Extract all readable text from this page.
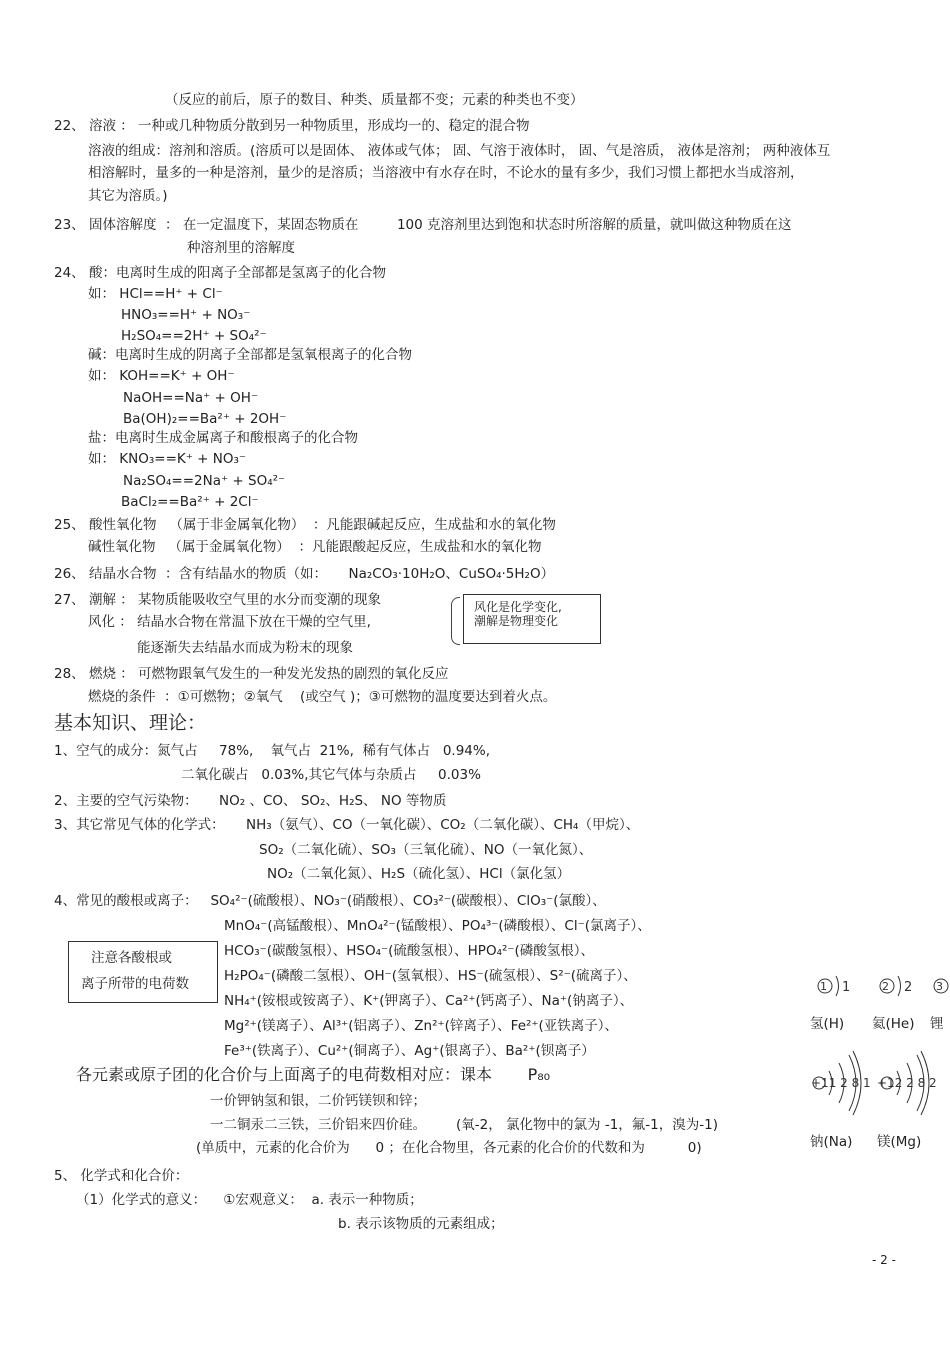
（反应的前后，原子的数目、种类、质量都不变；元素的种类也不变）
22、 溶液 ： 一种或几种物质分散到另一种物质里，形成均一的、稳定的混合物
溶液的组成：溶剂和溶质。(溶质可以是固体、 液体或气体； 固、气溶于液体时， 固、气是溶质， 液体是溶剂； 两种液体互
相溶解时，量多的一种是溶剂，量少的是溶质；当溶液中有水存在时，不论水的量有多少，我们习惯上都把水当成溶剂，
其它为溶质。)
23、 固体溶解度  ： 在一定温度下，某固态物质在         100 克溶剂里达到饱和状态时所溶解的质量，就叫做这种物质在这
种溶剂里的溶解度
24、 酸：电离时生成的阳离子全部都是氢离子的化合物
如： HCl==H⁺ + Cl⁻
HNO₃==H⁺ + NO₃⁻
H₂SO₄==2H⁺ + SO₄²⁻
碱：电离时生成的阴离子全部都是氢氧根离子的化合物
如： KOH==K⁺ + OH⁻
NaOH==Na⁺ + OH⁻
Ba(OH)₂==Ba²⁺ + 2OH⁻
盐：电离时生成金属离子和酸根离子的化合物
如： KNO₃==K⁺ + NO₃⁻
Na₂SO₄==2Na⁺ + SO₄²⁻
BaCl₂==Ba²⁺ + 2Cl⁻
25、 酸性氧化物   （属于非金属氧化物）  ：凡能跟碱起反应，生成盐和水的氧化物
碱性氧化物   （属于金属氧化物）  ：凡能跟酸起反应，生成盐和水的氧化物
26、 结晶水合物  ：含有结晶水的物质（如：     Na₂CO₃·10H₂O、CuSO₄·5H₂O）
27、 潮解 ： 某物质能吸收空气里的水分而变潮的现象
风化 ： 结晶水合物在常温下放在干燥的空气里,
能逐渐失去结晶水而成为粉末的现象
28、 燃烧 ： 可燃物跟氧气发生的一种发光发热的剧烈的氧化反应
燃烧的条件  ：①可燃物；②氧气    (或空气 )；③可燃物的温度要达到着火点。
基本知识、理论：
1、空气的成分：氮气占     78%,    氧气占  21%,  稀有气体占   0.94%,
二氧化碳占   0.03%,其它气体与杂质占     0.03%
2、主要的空气污染物：     NO₂ 、CO、 SO₂、H₂S、 NO 等物质
3、其它常见气体的化学式：     NH₃（氨气）、CO（一氧化碳）、CO₂（二氧化碳）、CH₄（甲烷）、
SO₂（二氧化硫）、SO₃（三氧化硫）、NO（一氧化氮）、
NO₂（二氧化氮）、H₂S（硫化氢）、HCl（氯化氢）
4、常见的酸根或离子：   SO₄²⁻(硫酸根）、NO₃⁻(硝酸根）、CO₃²⁻(碳酸根）、ClO₃⁻(氯酸）、
MnO₄⁻(高锰酸根）、MnO₄²⁻(锰酸根）、PO₄³⁻(磷酸根）、Cl⁻(氯离子）、
HCO₃⁻(碳酸氢根）、HSO₄⁻(硫酸氢根）、HPO₄²⁻(磷酸氢根）、
H₂PO₄⁻(磷酸二氢根）、OH⁻(氢氧根）、HS⁻(硫氢根）、S²⁻(硫离子）、
NH₄⁺(铵根或铵离子）、K⁺(钾离子）、Ca²⁺(钙离子）、Na⁺(钠离子）、
Mg²⁺(镁离子）、Al³⁺(铝离子）、Zn²⁺(锌离子）、Fe²⁺(亚铁离子）、
Fe³⁺(铁离子）、Cu²⁺(铜离子）、Ag⁺(银离子）、Ba²⁺(钡离子）
各元素或原子团的化合价与上面离子的电荷数相对应：课本       P₈₀
一价钾钠氢和银，二价钙镁钡和锌；
一二铜汞二三铁，三价铝来四价硅。       (氧-2， 氯化物中的氯为 -1，氟-1，溴为-1)
(单质中，元素的化合价为      0 ；在化合物里，各元素的化合价的代数和为          0)
5、 化学式和化合价：
（1）化学式的意义：    ①宏观意义：  a. 表示一种物质；
b. 表示该物质的元素组成；
风化是化学变化,
潮解是物理变化
注意各酸根或
离子所带的电荷数	1 1	2 2 3
氢(H) 氦(He) 锂
+11 2 8 1 +12 2 8 2
钠(Na) 镁(Mg)
- 2 -
